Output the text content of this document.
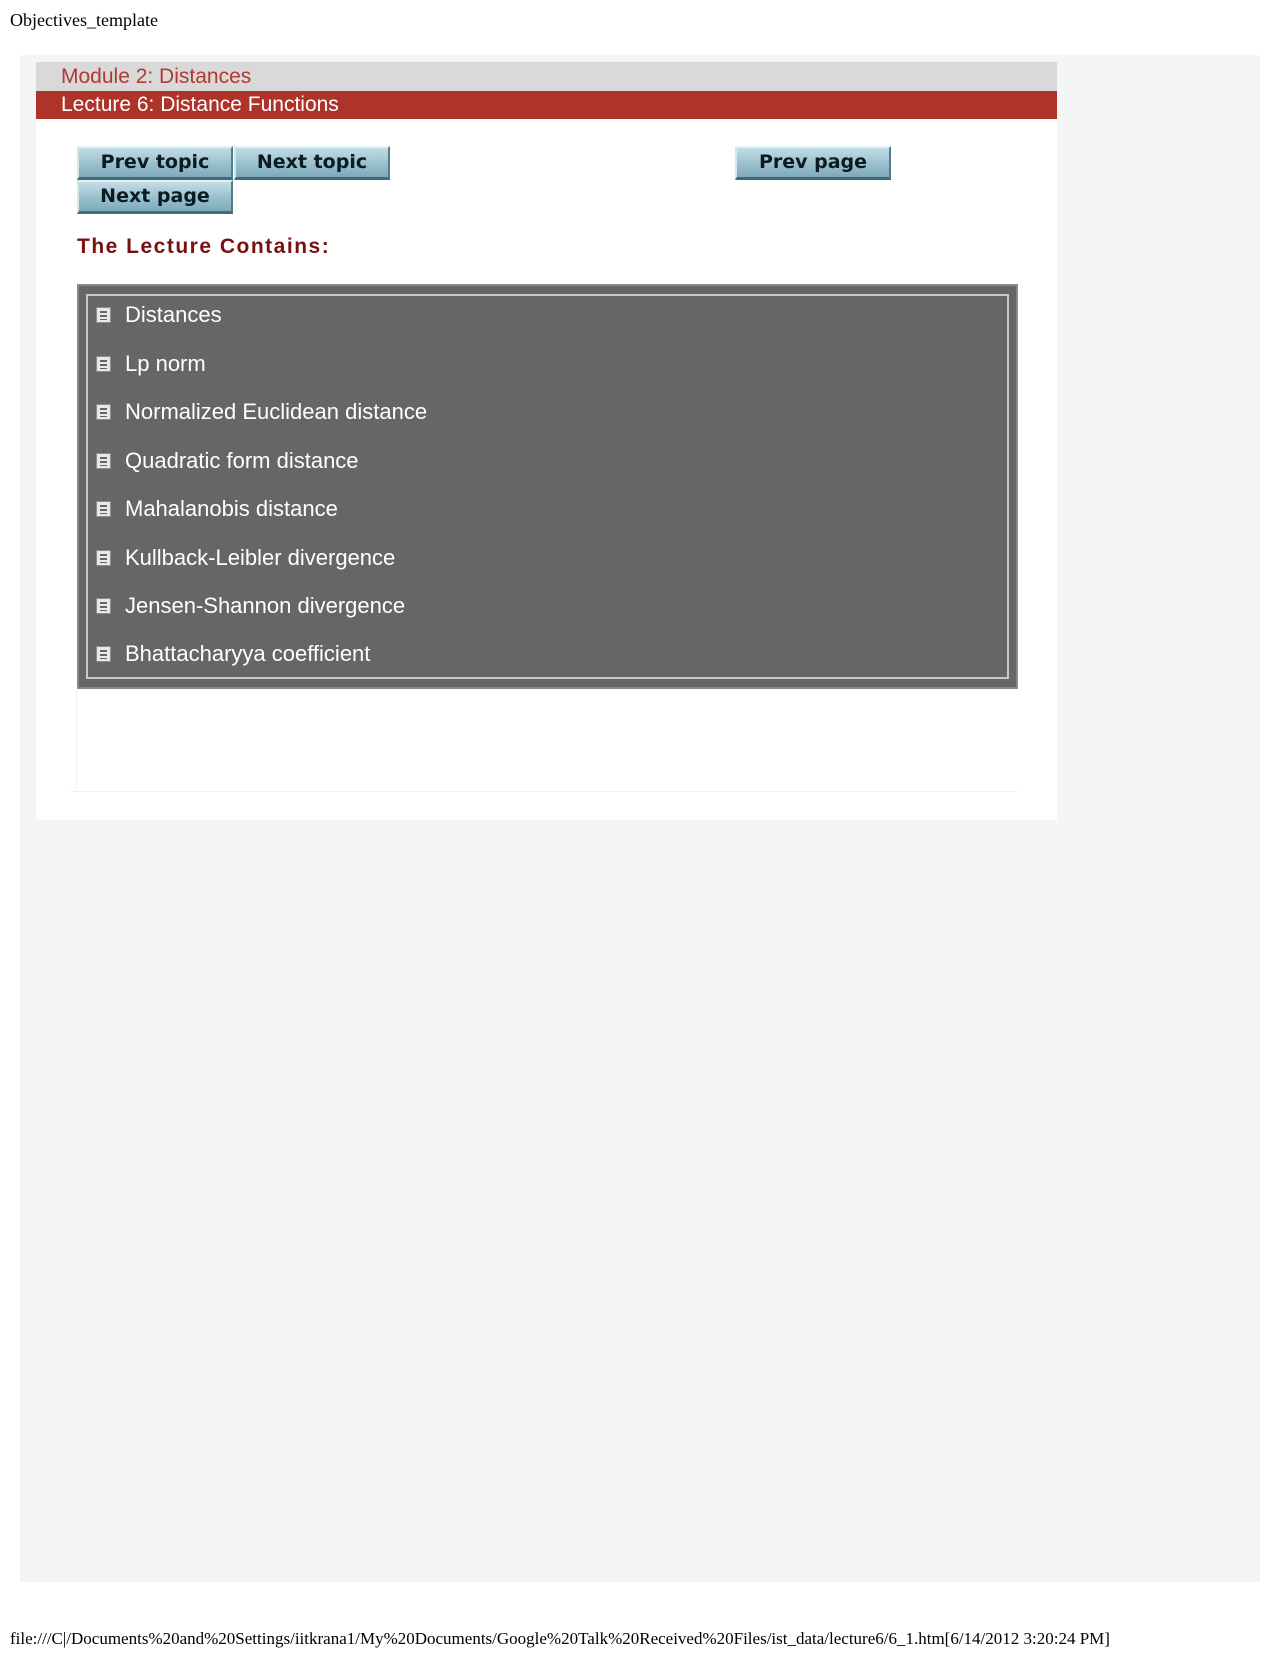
Objectives_template
Module 2: Distances
Lecture 6: Distance Functions
Prev topic	Next topic	Prev page
Next page
The Lecture Contains:
Distances
Lp norm
Normalized Euclidean distance
Quadratic form distance
Mahalanobis distance
Kullback-Leibler divergence
Jensen-Shannon divergence
Bhattacharyya coefficient
file:///C|/Documents%20and%20Settings/iitkrana1/My%20Documents/Google%20Talk%20Received%20Files/ist_data/lecture6/6_1.htm[6/14/2012 3:20:24 PM]
